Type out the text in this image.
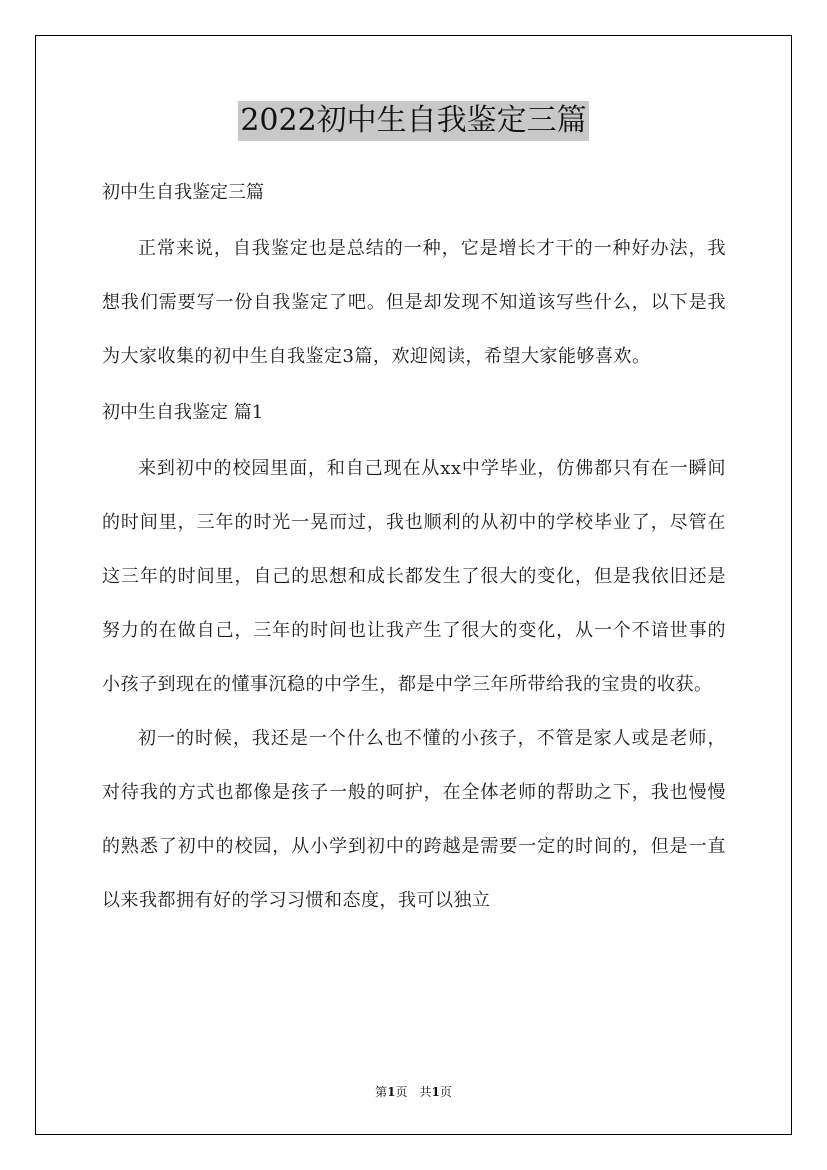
2022初中生自我鉴定三篇

初中生自我鉴定三篇

正常来说，自我鉴定也是总结的一种，它是增长才干的一种好办法，我想我们需要写一份自我鉴定了吧。但是却发现不知道该写些什么，以下是我为大家收集的初中生自我鉴定3篇，欢迎阅读，希望大家能够喜欢。

初中生自我鉴定 篇1

来到初中的校园里面，和自己现在从xx中学毕业，仿佛都只有在一瞬间的时间里，三年的时光一晃而过，我也顺利的从初中的学校毕业了，尽管在这三年的时间里，自己的思想和成长都发生了很大的变化，但是我依旧还是努力的在做自己，三年的时间也让我产生了很大的变化，从一个不谙世事的小孩子到现在的懂事沉稳的中学生，都是中学三年所带给我的宝贵的收获。

初一的时候，我还是一个什么也不懂的小孩子，不管是家人或是老师，对待我的方式也都像是孩子一般的呵护，在全体老师的帮助之下，我也慢慢的熟悉了初中的校园，从小学到初中的跨越是需要一定的时间的，但是一直以来我都拥有好的学习习惯和态度，我可以独立

第1页　共1页
